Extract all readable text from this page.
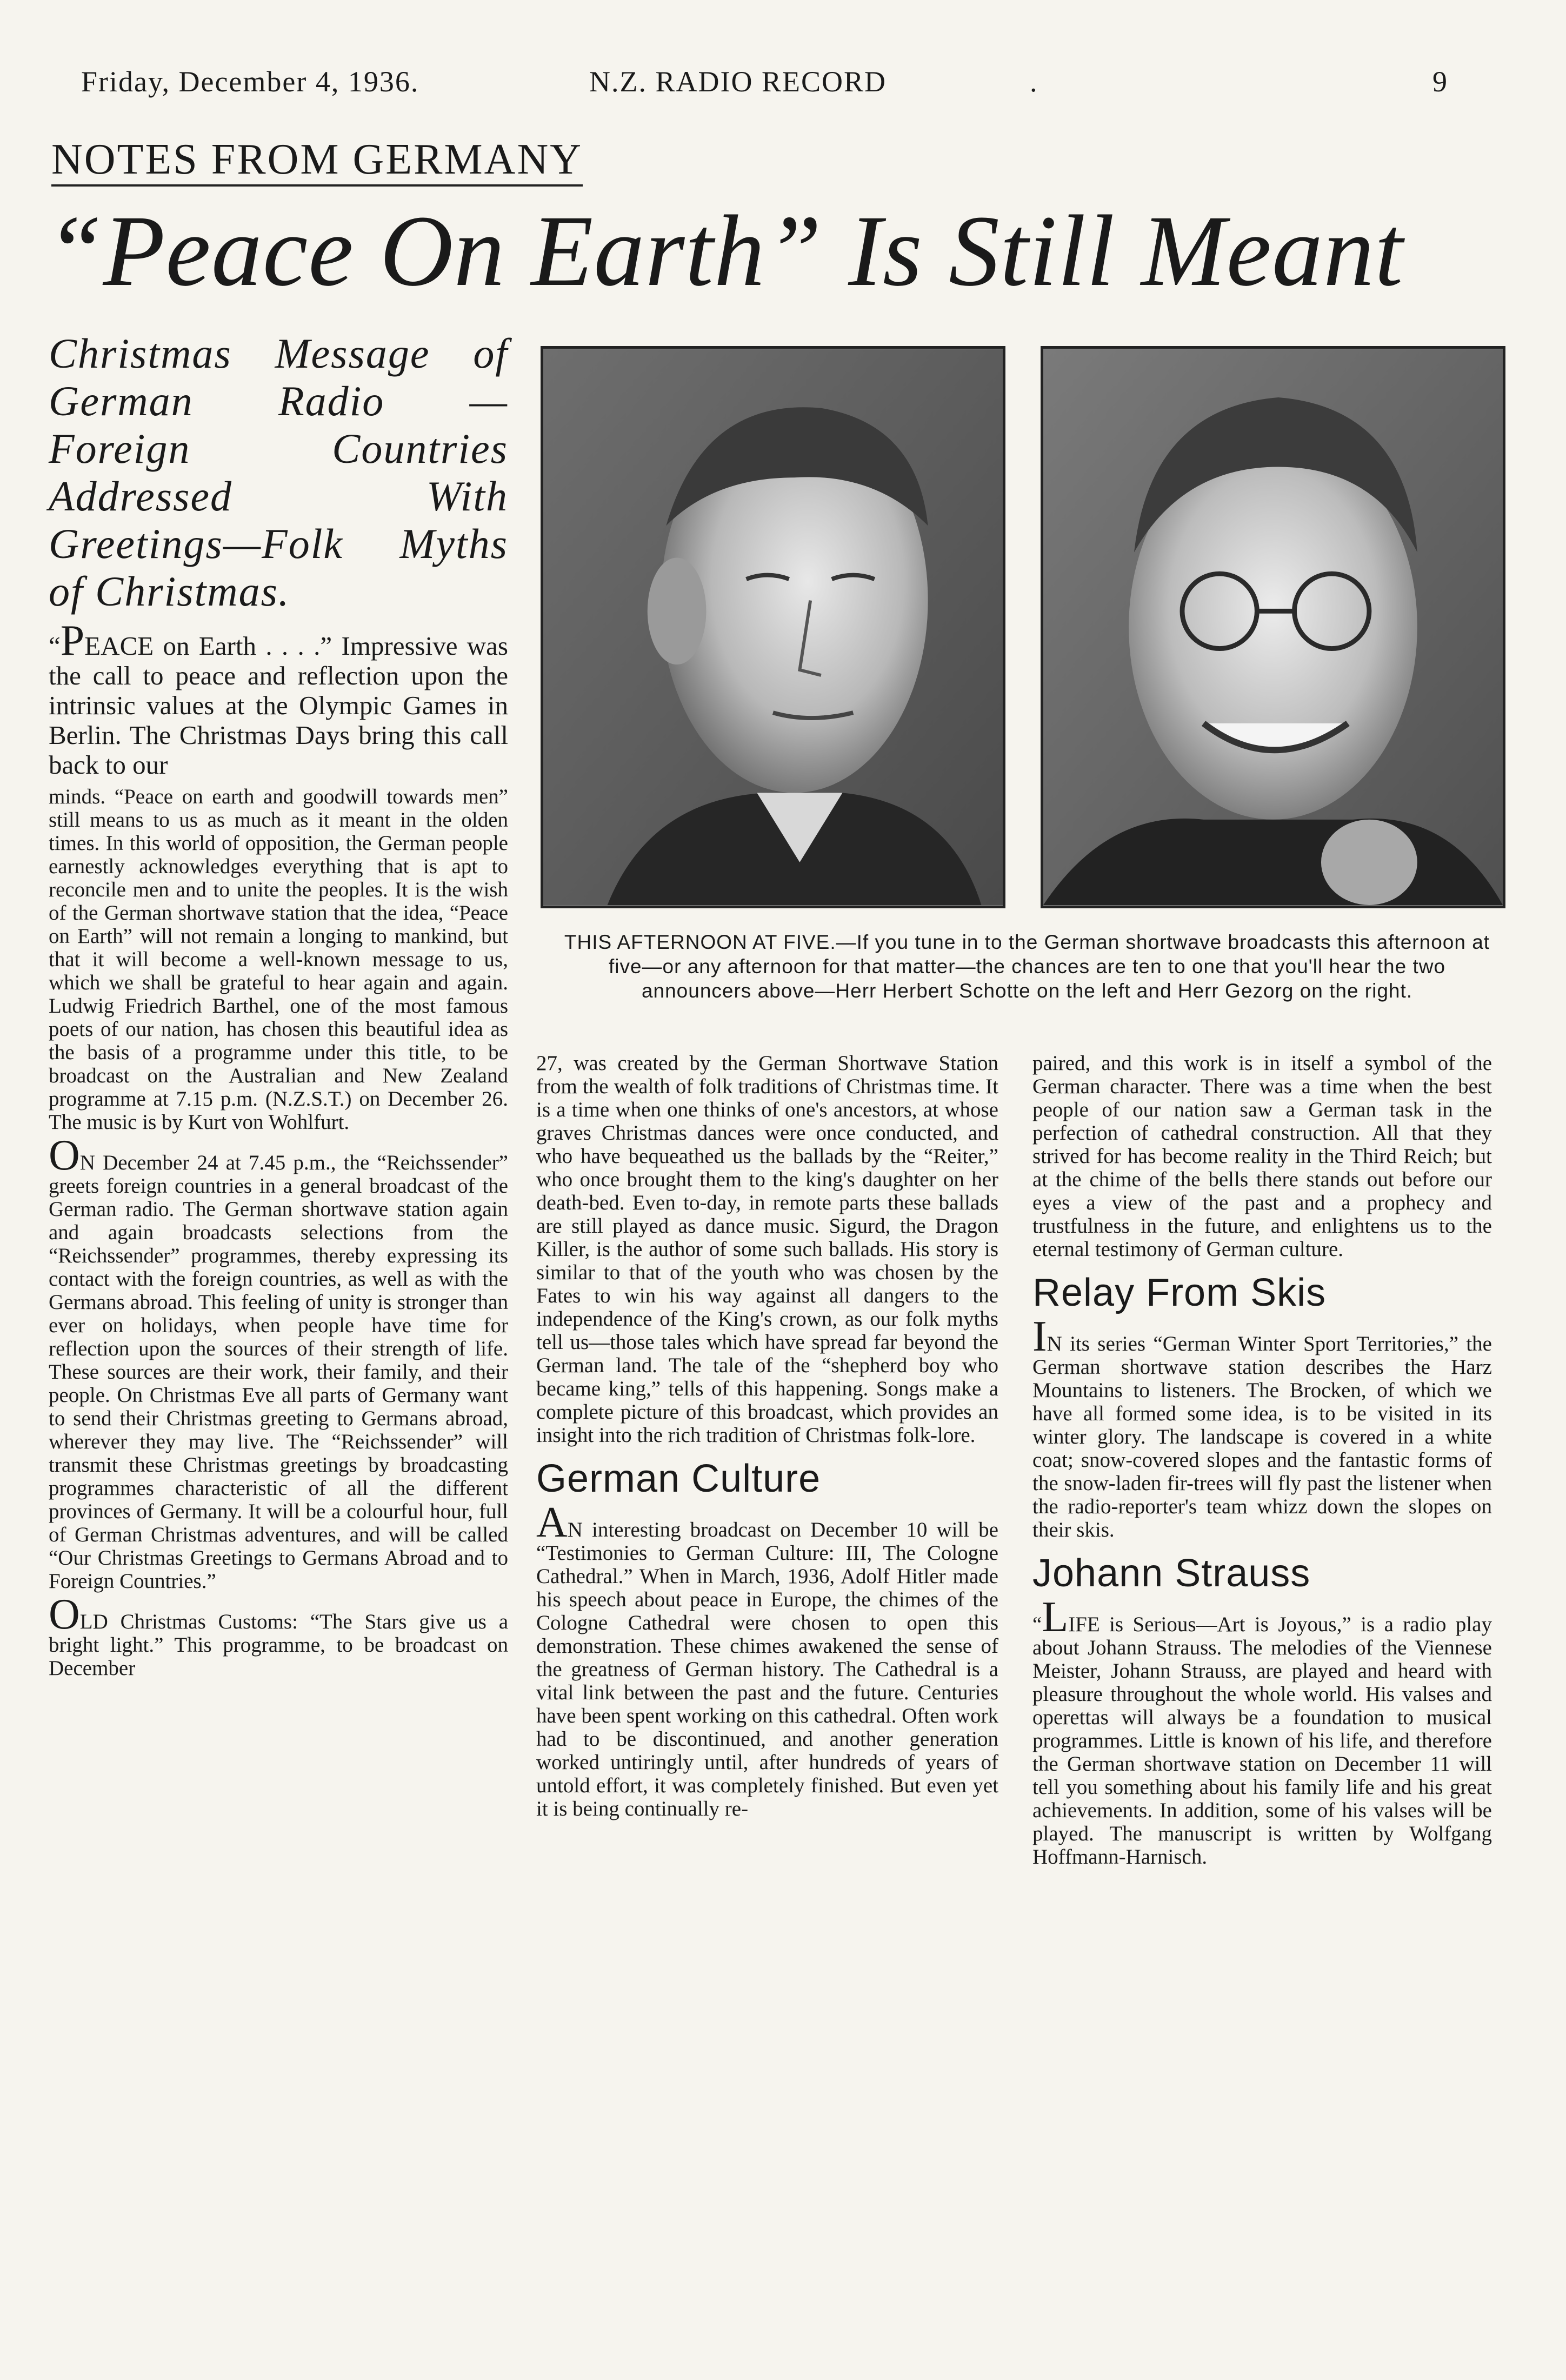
Friday, December 4, 1936.	N.Z. RADIO RECORD	.	9
NOTES FROM GERMANY
“Peace On Earth” Is Still Meant
Christmas Message of German Radio — Foreign Countries Addressed With Greetings—Folk Myths of Christmas.

“PEACE on Earth . . . .” Impressive was the call to peace and reflection upon the intrinsic values at the Olympic Games in Berlin. The Christmas Days bring this call back to our

minds. “Peace on earth and goodwill towards men” still means to us as much as it meant in the olden times. In this world of opposition, the German people earnestly acknowledges everything that is apt to reconcile men and to unite the peoples. It is the wish of the German shortwave station that the idea, “Peace on Earth” will not remain a longing to mankind, but that it will become a well-known message to us, which we shall be grateful to hear again and again. Ludwig Friedrich Barthel, one of the most famous poets of our nation, has chosen this beautiful idea as the basis of a programme under this title, to be broadcast on the Australian and New Zealand programme at 7.15 p.m. (N.Z.S.T.) on December 26. The music is by Kurt von Wohlfurt.

ON December 24 at 7.45 p.m., the “Reichssender” greets foreign countries in a general broadcast of the German radio. The German shortwave station again and again broadcasts selections from the “Reichssender” programmes, thereby expressing its contact with the foreign countries, as well as with the Germans abroad. This feeling of unity is stronger than ever on holidays, when people have time for reflection upon the sources of their strength of life. These sources are their work, their family, and their people. On Christmas Eve all parts of Germany want to send their Christmas greeting to Germans abroad, wherever they may live. The “Reichssender” will transmit these Christmas greetings by broadcasting programmes characteristic of all the different provinces of Germany. It will be a colourful hour, full of German Christmas adventures, and will be called “Our Christmas Greetings to Germans Abroad and to Foreign Countries.”

OLD Christmas Customs: “The Stars give us a bright light.” This programme, to be broadcast on December

THIS AFTERNOON AT FIVE.—If you tune in to the German shortwave broadcasts this afternoon at five—or any afternoon for that matter—the chances are ten to one that you'll hear the two announcers above—Herr Herbert Schotte on the left and Herr Gezorg on the right.

27, was created by the German Shortwave Station from the wealth of folk traditions of Christmas time. It is a time when one thinks of one's ancestors, at whose graves Christmas dances were once conducted, and who have bequeathed us the ballads by the “Reiter,” who once brought them to the king's daughter on her death-bed. Even to-day, in remote parts these ballads are still played as dance music. Sigurd, the Dragon Killer, is the author of some such ballads. His story is similar to that of the youth who was chosen by the Fates to win his way against all dangers to the independence of the King's crown, as our folk myths tell us—those tales which have spread far beyond the German land. The tale of the “shepherd boy who became king,” tells of this happening. Songs make a complete picture of this broadcast, which provides an insight into the rich tradition of Christmas folk-lore.

German Culture

AN interesting broadcast on December 10 will be “Testimonies to German Culture: III, The Cologne Cathedral.” When in March, 1936, Adolf Hitler made his speech about peace in Europe, the chimes of the Cologne Cathedral were chosen to open this demonstration. These chimes awakened the sense of the greatness of German history. The Cathedral is a vital link between the past and the future. Centuries have been spent working on this cathedral. Often work had to be discontinued, and another generation worked untiringly until, after hundreds of years of untold effort, it was completely finished. But even yet it is being continually re-

paired, and this work is in itself a symbol of the German character. There was a time when the best people of our nation saw a German task in the perfection of cathedral construction. All that they strived for has become reality in the Third Reich; but at the chime of the bells there stands out before our eyes a view of the past and a prophecy and trustfulness in the future, and enlightens us to the eternal testimony of German culture.

Relay From Skis

IN its series “German Winter Sport Territories,” the German shortwave station describes the Harz Mountains to listeners. The Brocken, of which we have all formed some idea, is to be visited in its winter glory. The landscape is covered in a white coat; snow-covered slopes and the fantastic forms of the snow-laden fir-trees will fly past the listener when the radio-reporter's team whizz down the slopes on their skis.

Johann Strauss

“LIFE is Serious—Art is Joyous,” is a radio play about Johann Strauss. The melodies of the Viennese Meister, Johann Strauss, are played and heard with pleasure throughout the whole world. His valses and operettas will always be a foundation to musical programmes. Little is known of his life, and therefore the German shortwave station on December 11 will tell you something about his family life and his great achievements. In addition, some of his valses will be played. The manuscript is written by Wolfgang Hoffmann-Harnisch.
